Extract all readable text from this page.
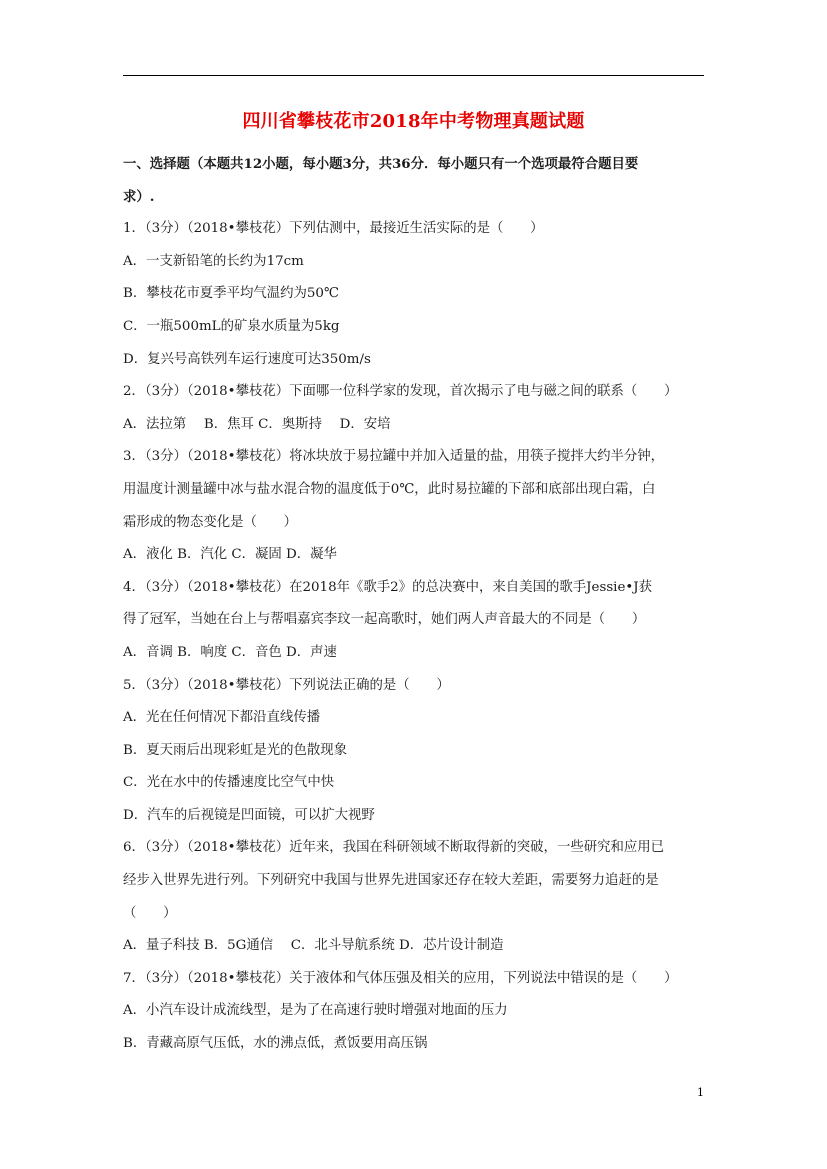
四川省攀枝花市2018年中考物理真题试题
一、选择题（本题共12小题，每小题3分，共36分．每小题只有一个选项最符合题目要
求）.
1．（3分）（2018•攀枝花）下列估测中，最接近生活实际的是（　　）
A．一支新铅笔的长约为17cm
B．攀枝花市夏季平均气温约为50℃
C．一瓶500mL的矿泉水质量为5kg
D．复兴号高铁列车运行速度可达350m/s
2．（3分）（2018•攀枝花）下面哪一位科学家的发现，首次揭示了电与磁之间的联系（　　）
A．法拉第　 B．焦耳 C．奥斯持　 D．安培
3．（3分）（2018•攀枝花）将冰块放于易拉罐中并加入适量的盐，用筷子搅拌大约半分钟，
用温度计测量罐中冰与盐水混合物的温度低于0℃，此时易拉罐的下部和底部出现白霜，白
霜形成的物态变化是（　　）
A．液化 B．汽化 C．凝固 D．凝华
4．（3分）（2018•攀枝花）在2018年《歌手2》的总决赛中，来自美国的歌手Jessie•J获
得了冠军，当她在台上与帮唱嘉宾李玟一起高歌时，她们两人声音最大的不同是（　　）
A．音调 B．响度 C．音色 D．声速
5．（3分）（2018•攀枝花）下列说法正确的是（　　）
A．光在任何情况下都沿直线传播
B．夏天雨后出现彩虹是光的色散现象
C．光在水中的传播速度比空气中快
D．汽车的后视镜是凹面镜，可以扩大视野
6．（3分）（2018•攀枝花）近年来，我国在科研领域不断取得新的突破，一些研究和应用已
经步入世界先进行列。下列研究中我国与世界先进国家还存在较大差距，需要努力追赶的是
（　　）
A．量子科技 B．5G通信　 C．北斗导航系统 D．芯片设计制造
7．（3分）（2018•攀枝花）关于液体和气体压强及相关的应用，下列说法中错误的是（　　）
A．小汽车设计成流线型，是为了在高速行驶时增强对地面的压力
B．青藏高原气压低，水的沸点低，煮饭要用高压锅
1
